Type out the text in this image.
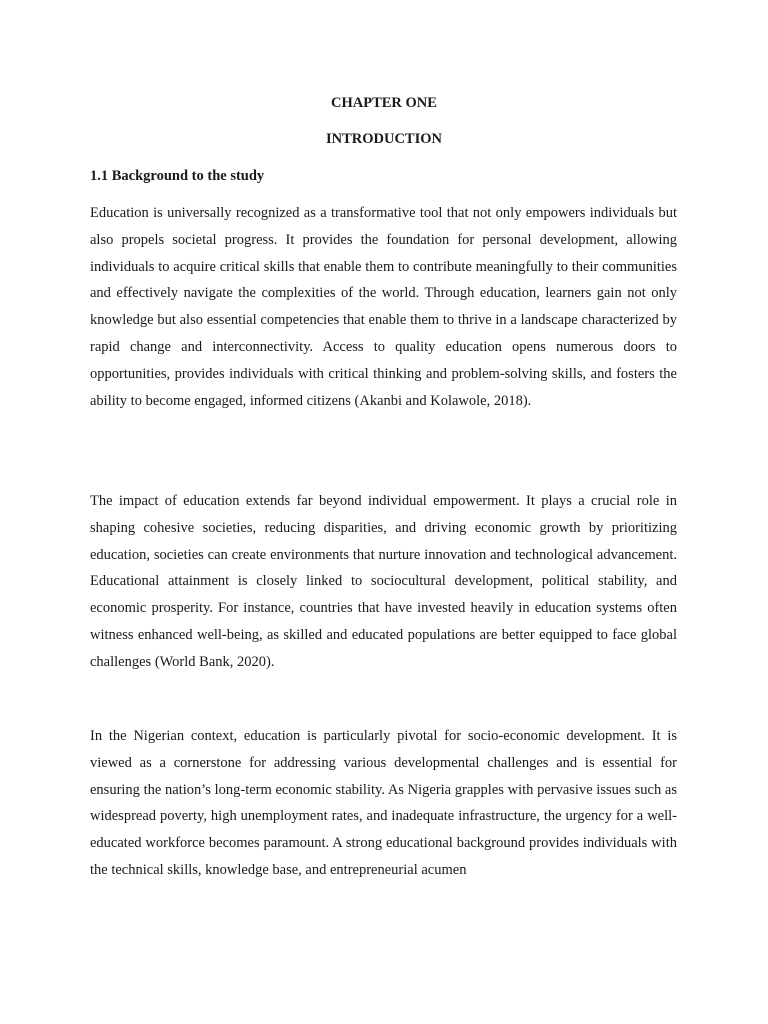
CHAPTER ONE
INTRODUCTION
1.1 Background to the study

Education is universally recognized as a transformative tool that not only empowers individuals but also propels societal progress. It provides the foundation for personal development, allowing individuals to acquire critical skills that enable them to contribute meaningfully to their communities and effectively navigate the complexities of the world. Through education, learners gain not only knowledge but also essential competencies that enable them to thrive in a landscape characterized by rapid change and interconnectivity. Access to quality education opens numerous doors to opportunities, provides individuals with critical thinking and problem-solving skills, and fosters the ability to become engaged, informed citizens (Akanbi and Kolawole, 2018).

The impact of education extends far beyond individual empowerment. It plays a crucial role in shaping cohesive societies, reducing disparities, and driving economic growth by prioritizing education, societies can create environments that nurture innovation and technological advancement. Educational attainment is closely linked to sociocultural development, political stability, and economic prosperity. For instance, countries that have invested heavily in education systems often witness enhanced well-being, as skilled and educated populations are better equipped to face global challenges (World Bank, 2020).

In the Nigerian context, education is particularly pivotal for socio-economic development. It is viewed as a cornerstone for addressing various developmental challenges and is essential for ensuring the nation’s long-term economic stability. As Nigeria grapples with pervasive issues such as widespread poverty, high unemployment rates, and inadequate infrastructure, the urgency for a well-educated workforce becomes paramount. A strong educational background provides individuals with the technical skills, knowledge base, and entrepreneurial acumen
